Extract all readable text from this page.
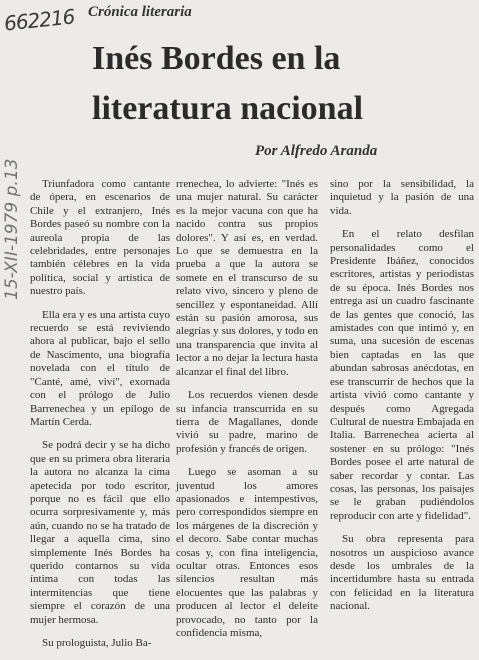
662216 Crónica literaria
Inés Bordes en la
literatura nacional
Por Alfredo Aranda
15-XII-1979 p.13	Triunfadora como cantante de ópera, en escenarios de Chile y el extranjero, Inés Bordes paseó su nombre con la aureola propia de las celebridades, entre personajes también célebres en la vida política, social y artística de nuestro país.

Ella era y es una artista cuyo recuerdo se está reviviendo ahora al publicar, bajo el sello de Nascimento, una biografía novelada con el título de "Canté, amé, viví", exornada con el prólogo de Julio Barrenechea y un epílogo de Martín Cerda.

Se podrá decir y se ha dicho que en su primera obra literaria la autora no alcanza la cima apetecida por todo escritor, porque no es fácil que ello ocurra sorpresivamente y, más aún, cuando no se ha tratado de llegar a aquella cima, sino simplemente Inés Bordes ha querido contarnos su vida íntima con todas las intermitencias que tiene siempre el corazón de una mujer hermosa.

Su prologuista, Julio Ba-

rrenechea, lo advierte: "Inés es una mujer natural. Su carácter es la mejor vacuna con que ha nacido contra sus propios dolores". Y así es, en verdad. Lo que se demuestra en la prueba a que la autora se somete en el transcurso de su relato vivo, sincero y pleno de sencillez y espontaneidad. Allí están su pasión amorosa, sus alegrías y sus dolores, y todo en una transparencia que invita al lector a no dejar la lectura hasta alcanzar el final del libro.

Los recuerdos vienen desde su infancia transcurrida en su tierra de Magallanes, donde vivió su padre, marino de profesión y francés de origen.

Luego se asoman a su juventud los amores apasionados e intempestivos, pero correspondidos siempre en los márgenes de la discreción y el decoro. Sabe contar muchas cosas y, con fina inteligencia, ocultar otras. Entonces esos silencios resultan más elocuentes que las palabras y producen al lector el deleite provocado, no tanto por la confidencia misma,

sino por la sensibilidad, la inquietud y la pasión de una vida.

En el relato desfilan personalidades como el Presidente Ibáñez, conocidos escritores, artistas y periodistas de su época. Inés Bordes nos entrega así un cuadro fascinante de las gentes que conoció, las amistades con que intimó y, en suma, una sucesión de escenas bien captadas en las que abundan sabrosas anécdotas, en ese transcurrir de hechos que la artista vivió como cantante y después como Agregada Cultural de nuestra Embajada en Italia. Barrenechea acierta al sostener en su prólogo: "Inés Bordes posee el arte natural de saber recordar y contar. Las cosas, las personas, los paisajes se le graban pudiéndolos reproducir con arte y fidelidad".

Su obra representa para nosotros un auspicioso avance desde los umbrales de la incertidumbre hasta su entrada con felicidad en la literatura nacional.
